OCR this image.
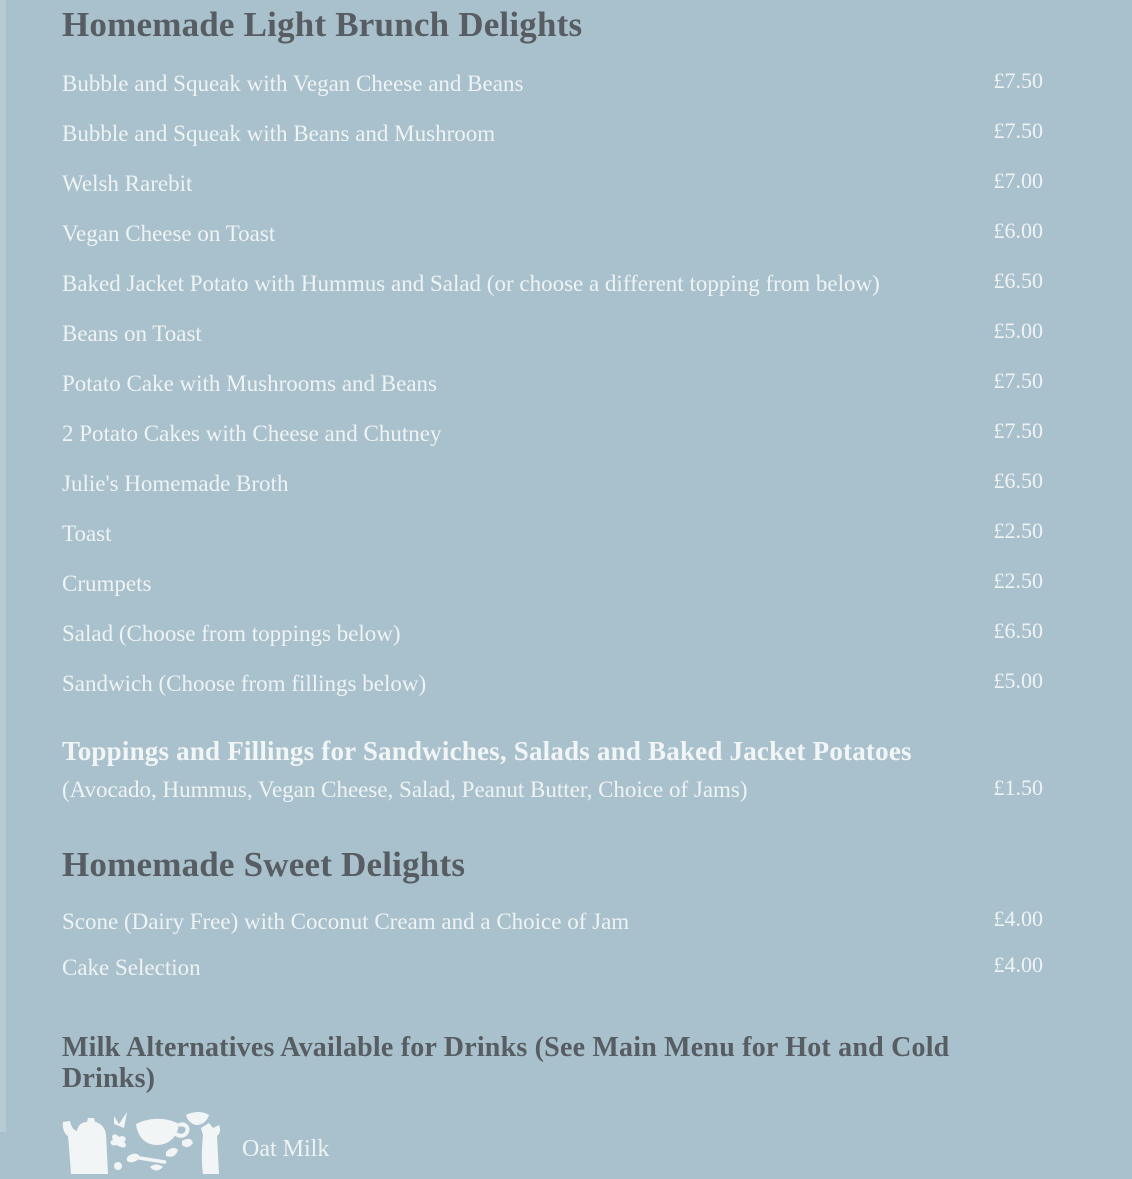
Homemade Light Brunch Delights
Bubble and Squeak with Vegan Cheese and Beans	£7.50
Bubble and Squeak with Beans and Mushroom	£7.50
Welsh Rarebit	£7.00
Vegan Cheese on Toast	£6.00
Baked Jacket Potato with Hummus and Salad (or choose a different topping from below)	£6.50
Beans on Toast	£5.00
Potato Cake with Mushrooms and Beans	£7.50
2 Potato Cakes with Cheese and Chutney	£7.50
Julie's Homemade Broth	£6.50
Toast	£2.50
Crumpets	£2.50
Salad (Choose from toppings below)	£6.50
Sandwich (Choose from fillings below)	£5.00
Toppings and Fillings for Sandwiches, Salads and Baked Jacket Potatoes
(Avocado, Hummus, Vegan Cheese, Salad, Peanut Butter, Choice of Jams)	£1.50
Homemade Sweet Delights
Scone (Dairy Free) with Coconut Cream and a Choice of Jam	£4.00
Cake Selection	£4.00
Milk Alternatives Available for Drinks (See Main Menu for Hot and Cold Drinks)
Oat Milk
